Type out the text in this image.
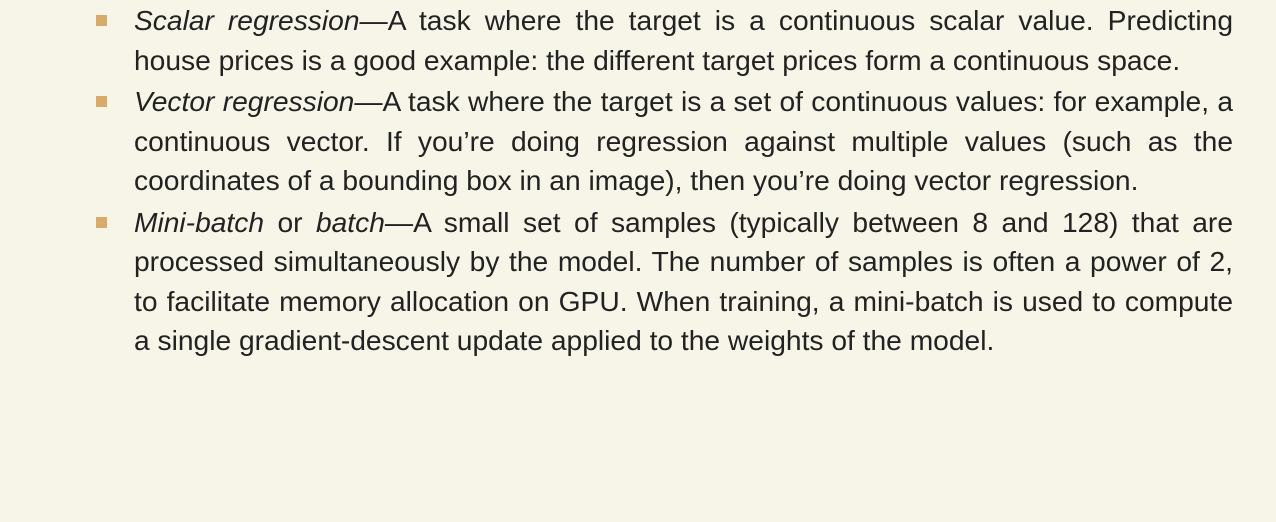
Scalar regression—A task where the target is a continuous scalar value. Predicting house prices is a good example: the different target prices form a continuous space.
Vector regression—A task where the target is a set of continuous values: for example, a continuous vector. If you’re doing regression against multiple values (such as the coordinates of a bounding box in an image), then you’re doing vector regression.
Mini-batch or batch—A small set of samples (typically between 8 and 128) that are processed simultaneously by the model. The number of samples is often a power of 2, to facilitate memory allocation on GPU. When training, a mini-batch is used to compute a single gradient-descent update applied to the weights of the model.
